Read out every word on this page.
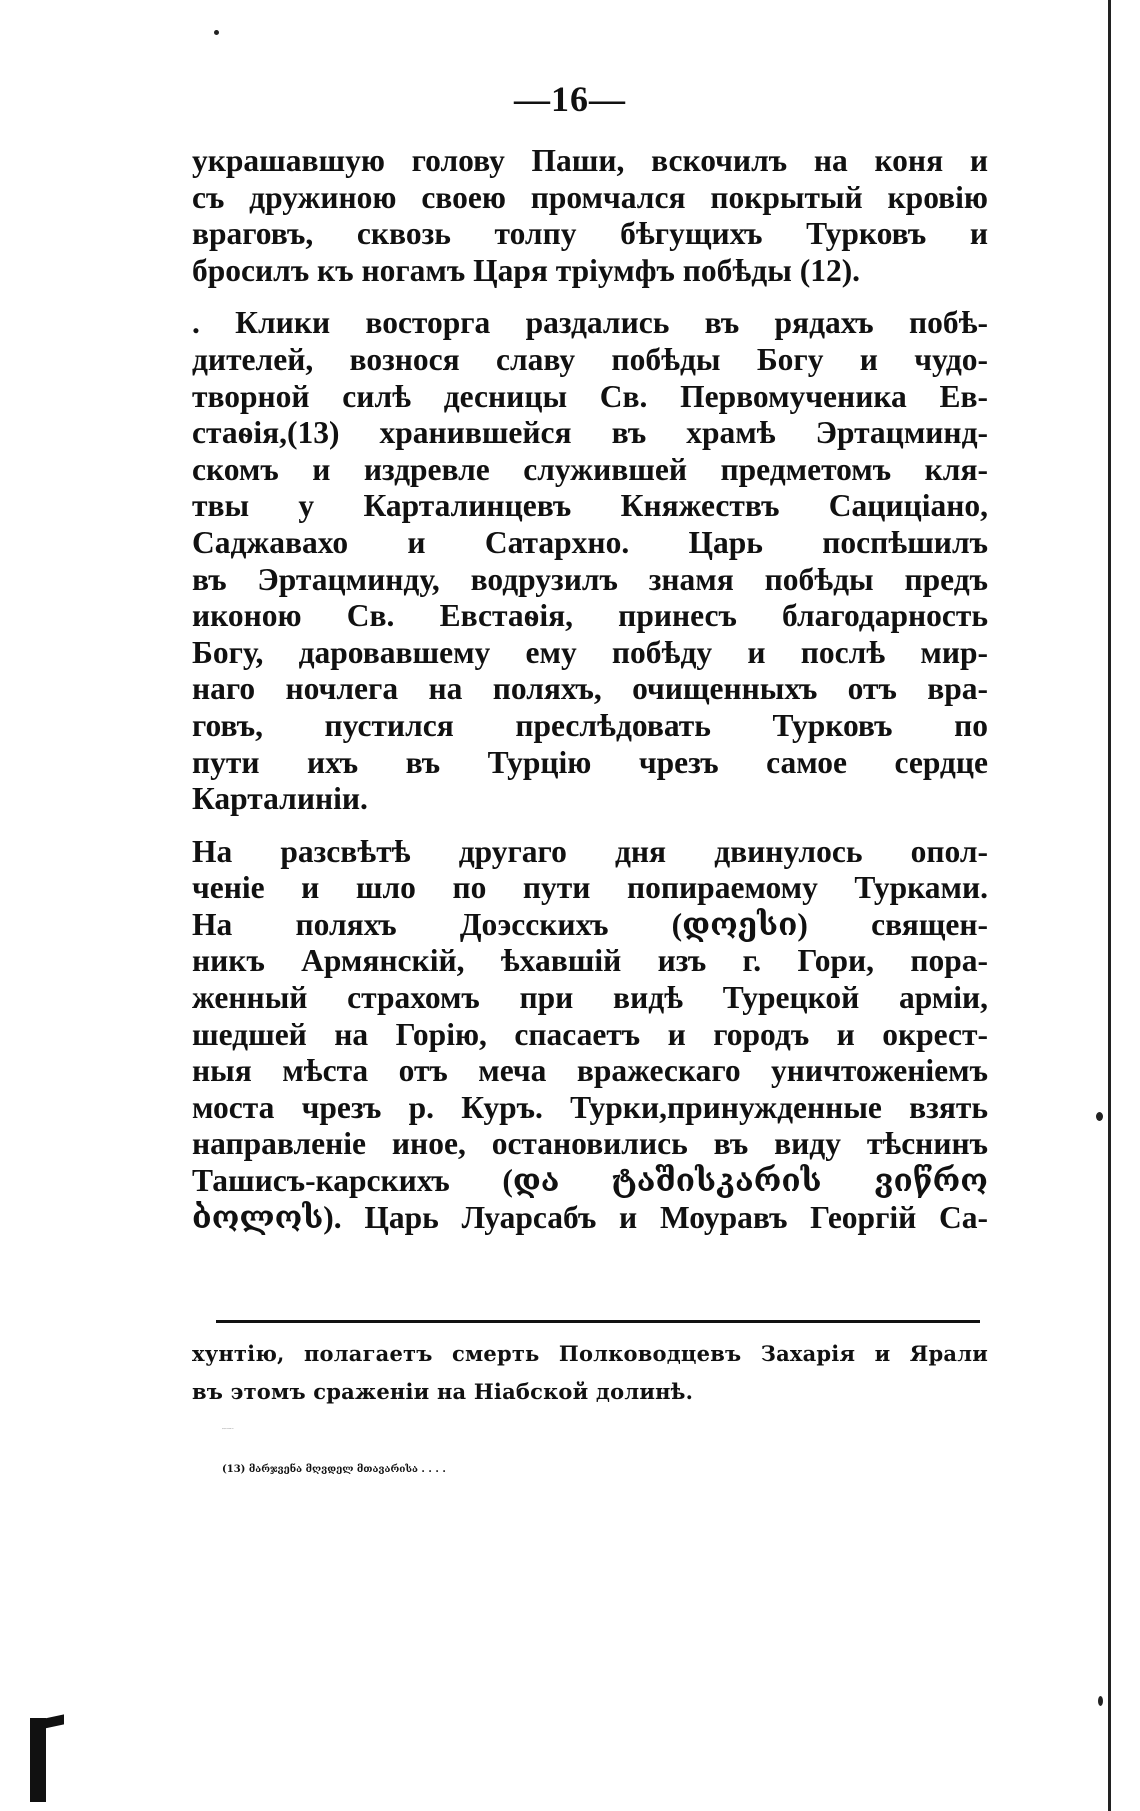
—16—

украшавшую голову Паши, вскочилъ на коня и
съ дружиною своею промчался покрытый кровію
враговъ, сквозь толпу бѣгущихъ Турковъ и
бросилъ къ ногамъ Царя тріумфъ побѣды (12).

. Клики восторга раздались въ рядахъ побѣ-
дителей, вознося славу побѣды Богу и чудо-
творной силѣ десницы Св. Первомученика Ев-
стаѳія,(13) хранившейся въ храмѣ Эртацминд-
скомъ и издревле служившей предметомъ кля-
твы у Карталинцевъ Княжествъ Сациціано,
Саджавахо и Сатархно. Царь поспѣшилъ
въ Эртацминду, водрузилъ знамя побѣды предъ
иконою Св. Евстаѳія, принесъ благодарность
Богу, даровавшему ему побѣду и послѣ мир-
наго ночлега на поляхъ, очищенныхъ отъ вра-
говъ, пустился преслѣдовать Турковъ по
пути ихъ въ Турцію чрезъ самое сердце
Карталиніи.

На разсвѣтѣ другаго дня двинулось опол-
ченіе и шло по пути попираемому Турками.
На поляхъ Доэсскихъ (დოესი) священ-
никъ Армянскій, ѣхавшій изъ г. Гори, пора-
женный страхомъ при видѣ Турецкой арміи,
шедшей на Горію, спасаетъ и городъ и окрест-
ныя мѣста отъ меча вражескаго уничтоженіемъ
моста чрезъ р. Куръ. Турки,принужденные взять
направленіе иное, остановились въ виду тѣснинъ
Ташисъ-карскихъ (და ტაშისკარის ვიწრო
ბოლოს). Царь Луарсабъ и Моуравъ Георгій Са-

хунтію, полагаетъ смерть Полководцевъ Захарія и Ярали
въ этомъ сраженіи на Ніабской долинѣ.
(12) Кн. 2. купл. 24.
(13) მარჯვენა მღვდელ მთავარისა . . . .
